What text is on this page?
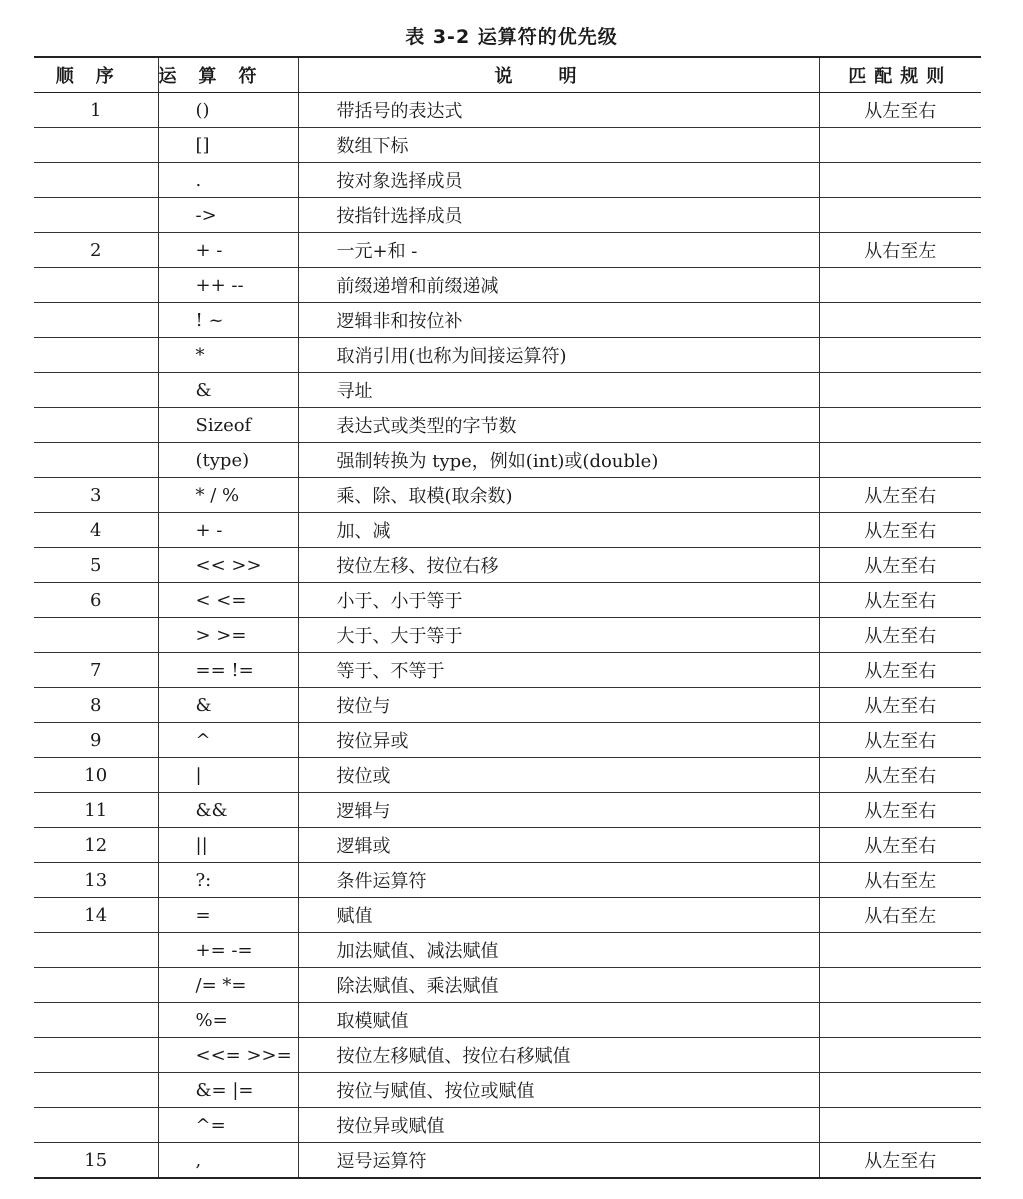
表 3-2 运算符的优先级
顺序	运算符	说明	匹配规则
1	()	带括号的表达式	从左至右
	[]	数组下标	
	.	按对象选择成员	
	->	按指针选择成员	
2	+ -	一元+和 -	从右至左
	++ --	前缀递增和前缀递减	
	! ~	逻辑非和按位补	
	*	取消引用(也称为间接运算符)	
	&	寻址	
	Sizeof	表达式或类型的字节数	
	(type)	强制转换为 type，例如(int)或(double)	
3	* / %	乘、除、取模(取余数)	从左至右
4	+ -	加、减	从左至右
5	<< >>	按位左移、按位右移	从左至右
6	< <=	小于、小于等于	从左至右
	> >=	大于、大于等于	从左至右
7	== !=	等于、不等于	从左至右
8	&	按位与	从左至右
9	^	按位异或	从左至右
10	|	按位或	从左至右
11	&&	逻辑与	从左至右
12	||	逻辑或	从左至右
13	?:	条件运算符	从右至左
14	=	赋值	从右至左
	+= -=	加法赋值、减法赋值	
	/= *=	除法赋值、乘法赋值	
	%=	取模赋值	
	<<= >>=	按位左移赋值、按位右移赋值	
	&= |=	按位与赋值、按位或赋值	
	^=	按位异或赋值	
15	,	逗号运算符	从左至右
